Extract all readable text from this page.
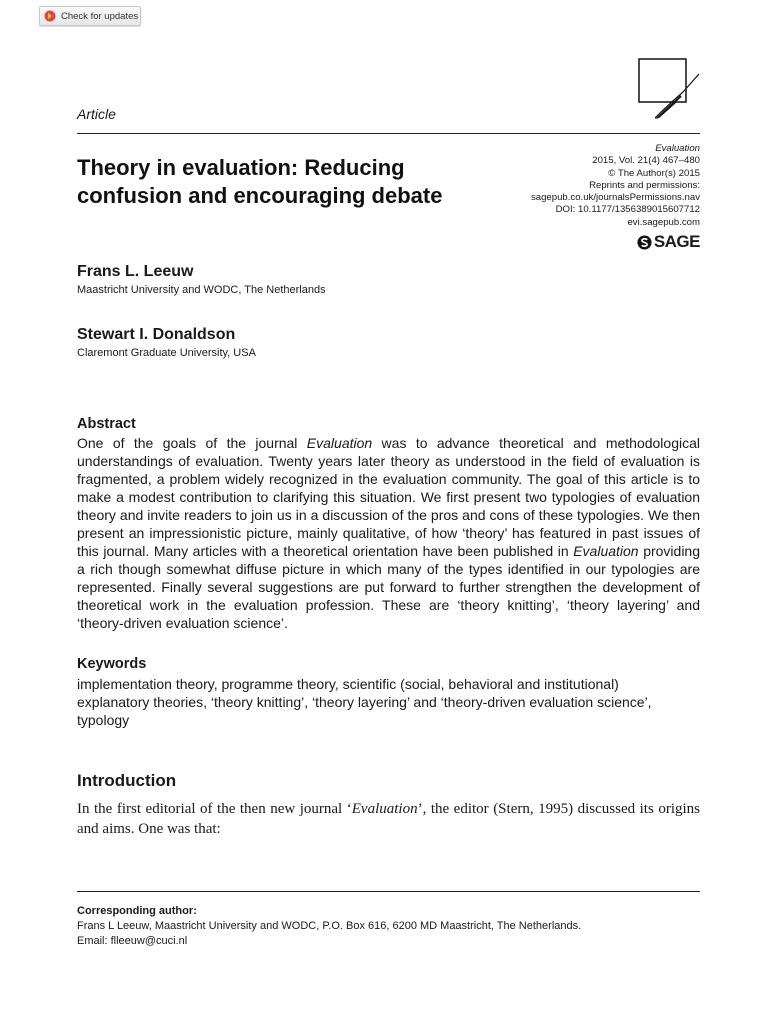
Check for updates
Article
Theory in evaluation: Reducing
confusion and encouraging debate
Evaluation
2015, Vol. 21(4) 467–480
© The Author(s) 2015
Reprints and permissions:
sagepub.co.uk/journalsPermissions.nav
DOI: 10.1177/1356389015607712
evi.sagepub.com
SAGE
Frans L. Leeuw
Maastricht University and WODC, The Netherlands
Stewart I. Donaldson
Claremont Graduate University, USA
Abstract
One of the goals of the journal Evaluation was to advance theoretical and methodological understandings of evaluation. Twenty years later theory as understood in the field of evaluation is fragmented, a problem widely recognized in the evaluation community. The goal of this article is to make a modest contribution to clarifying this situation. We first present two typologies of evaluation theory and invite readers to join us in a discussion of the pros and cons of these typologies. We then present an impressionistic picture, mainly qualitative, of how ‘theory’ has featured in past issues of this journal. Many articles with a theoretical orientation have been published in Evaluation providing a rich though somewhat diffuse picture in which many of the types identified in our typologies are represented. Finally several suggestions are put forward to further strengthen the development of theoretical work in the evaluation profession. These are ‘theory knitting’, ‘theory layering’ and ‘theory-driven evaluation science’.
Keywords
implementation theory, programme theory, scientific (social, behavioral and institutional)
explanatory theories, ‘theory knitting’, ‘theory layering’ and ‘theory-driven evaluation science’,
typology
Introduction
In the first editorial of the then new journal ‘Evaluation’, the editor (Stern, 1995) discussed its origins and aims. One was that:
Corresponding author:
Frans L Leeuw, Maastricht University and WODC, P.O. Box 616, 6200 MD Maastricht, The Netherlands.
Email: flleeuw@cuci.nl
